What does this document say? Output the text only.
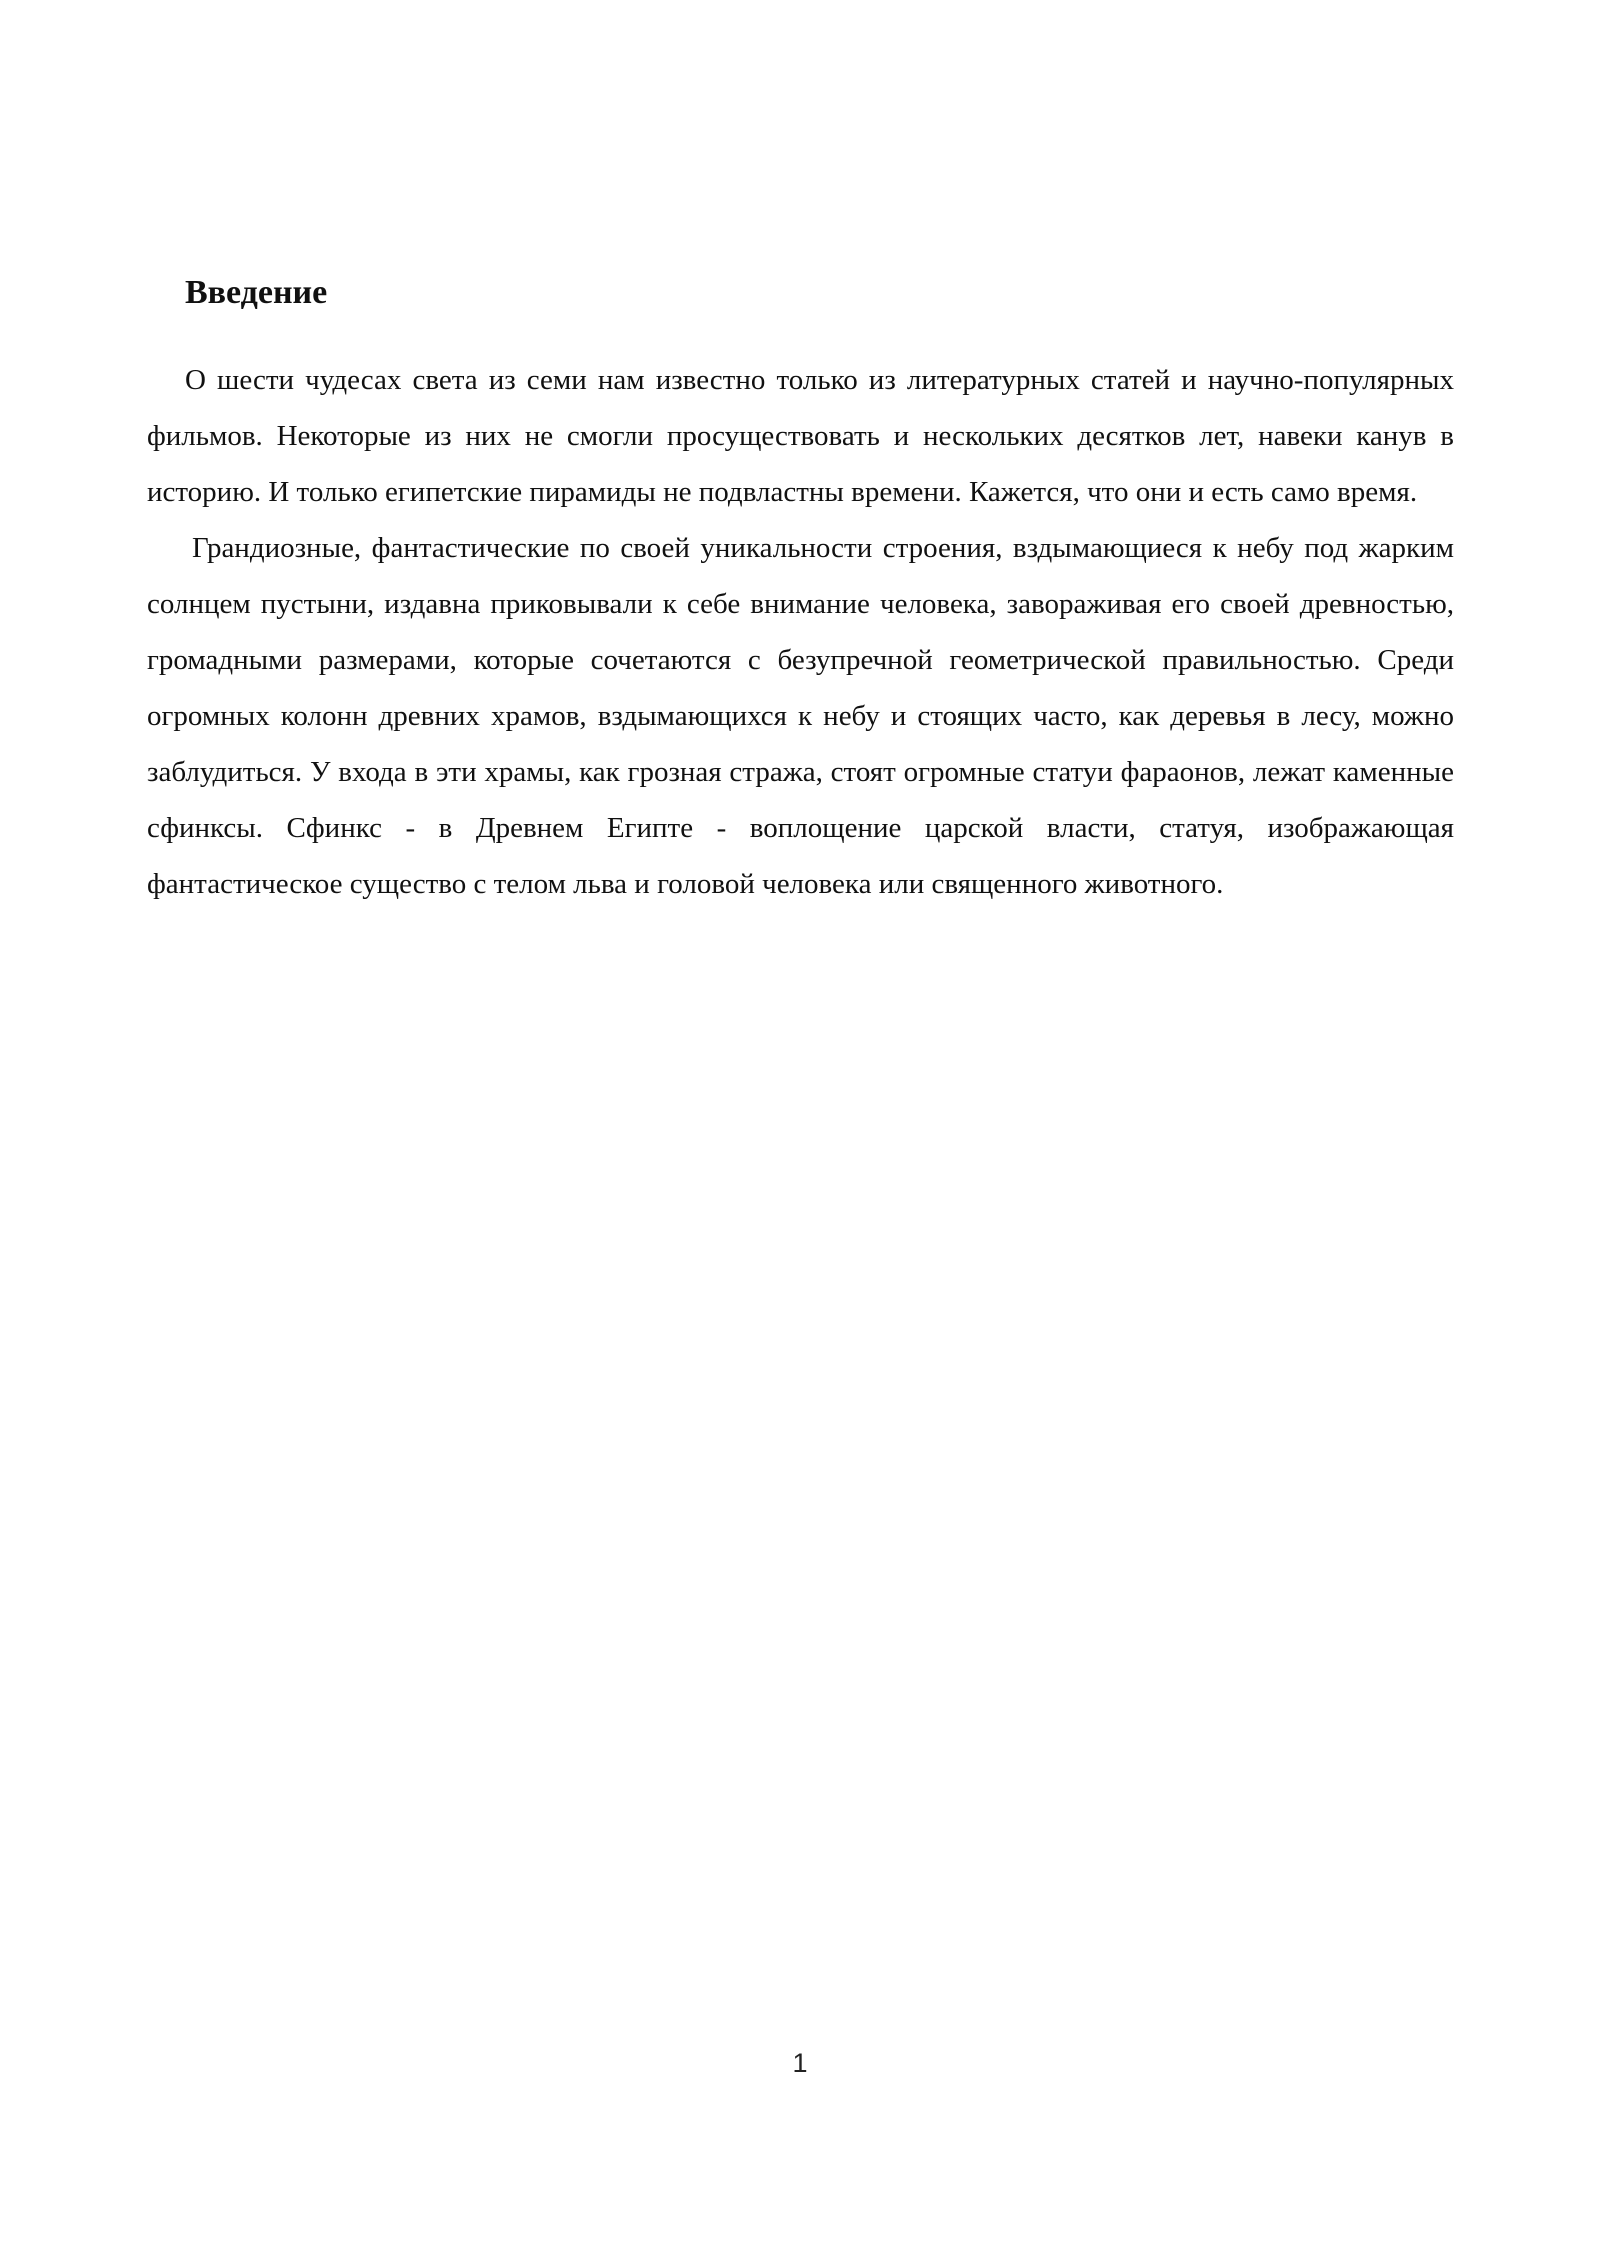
Введение

О шести чудесах света из семи нам известно только из литературных статей и научно-популярных фильмов. Некоторые из них не смогли просуществовать и нескольких десятков лет, навеки канув в историю. И только египетские пирамиды не подвластны времени. Кажется, что они и есть само время.

Грандиозные, фантастические по своей уникальности строения, вздымающиеся к небу под жарким солнцем пустыни, издавна приковывали к себе внимание человека, завораживая его своей древностью, громадными размерами, которые сочетаются с безупречной геометрической правильностью. Среди огромных колонн древних храмов, вздымающихся к небу и стоящих часто, как деревья в лесу, можно заблудиться. У входа в эти храмы, как грозная стража, стоят огромные статуи фараонов, лежат каменные сфинксы. Сфинкс - в Древнем Египте - воплощение царской власти, статуя, изображающая фантастическое существо с телом льва и головой человека или священного животного.

1
